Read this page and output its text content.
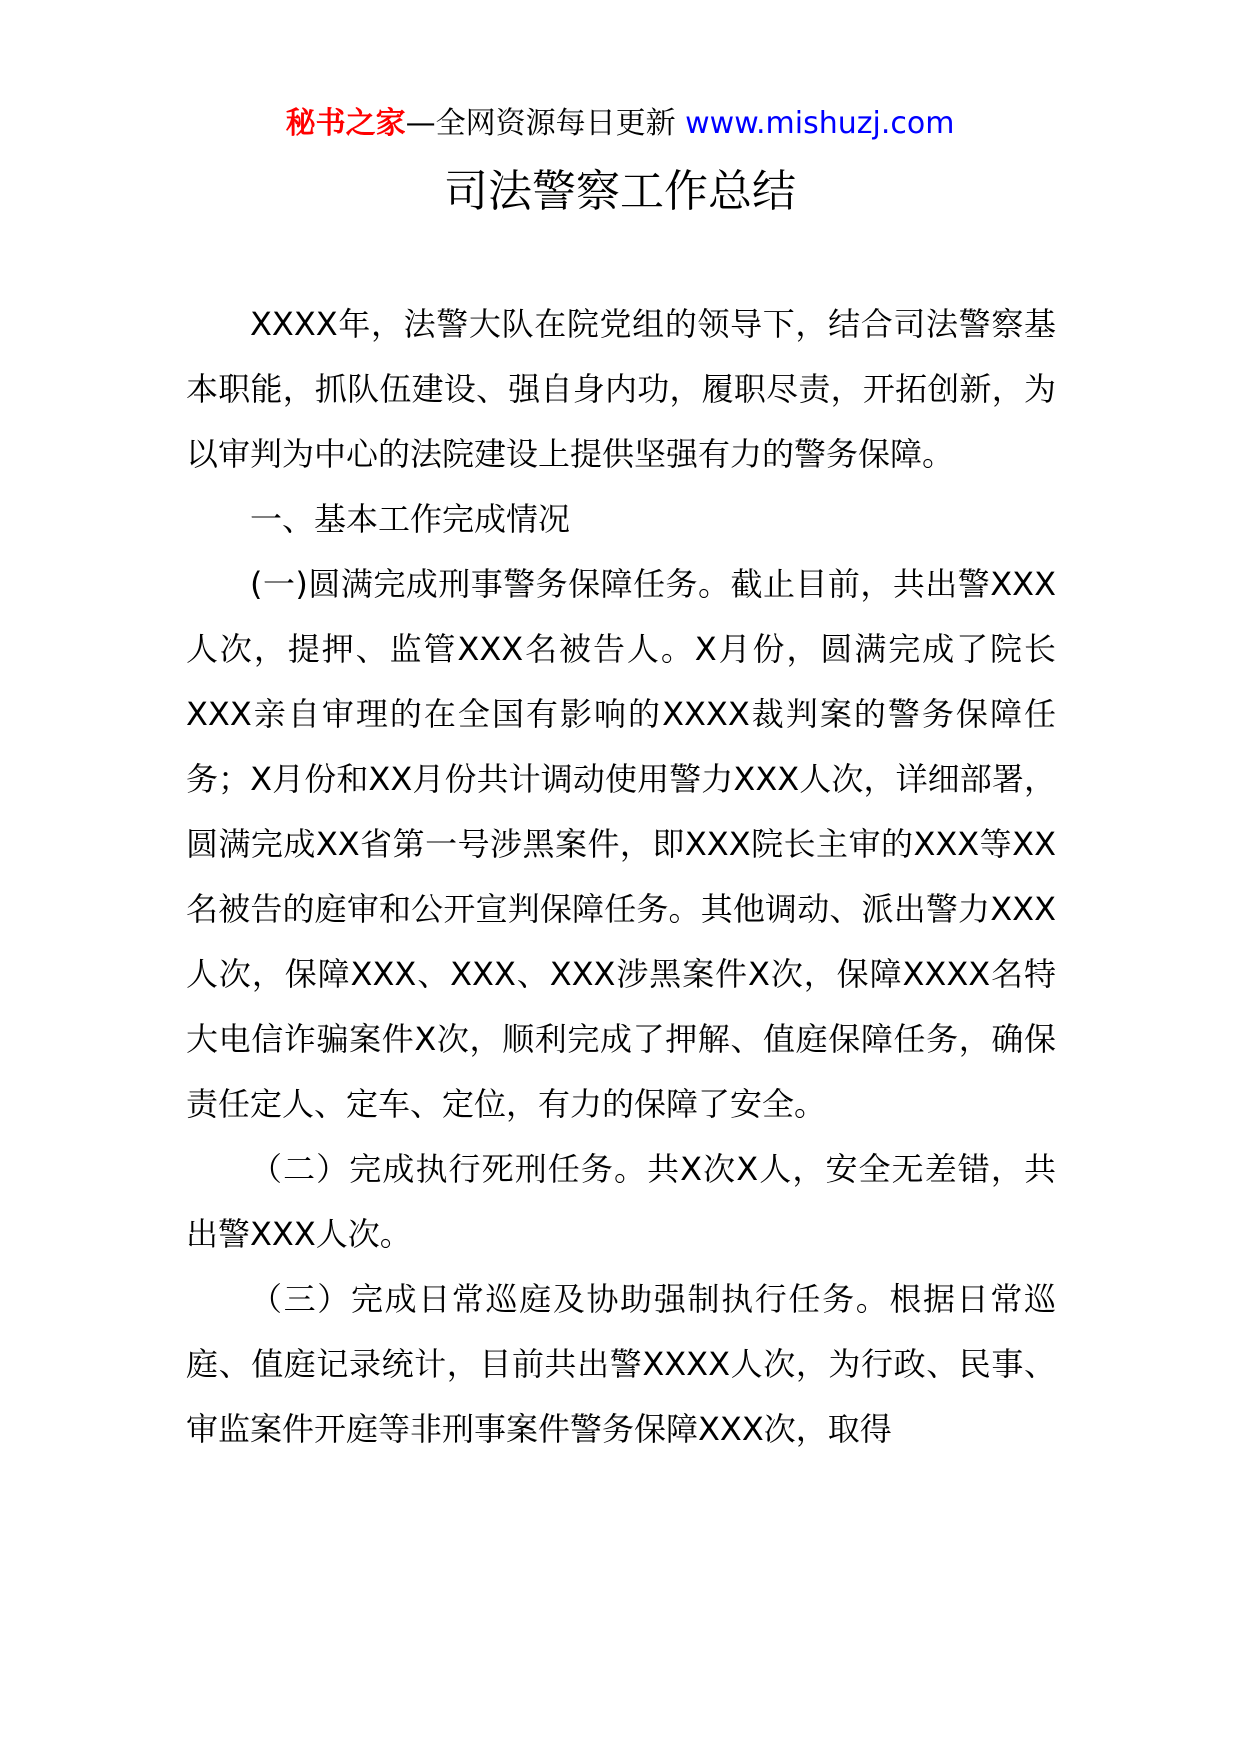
秘书之家—全网资源每日更新 www.mishuzj.com
司法警察工作总结

XXXX年，法警大队在院党组的领导下，结合司法警察基本职能，抓队伍建设、强自身内功，履职尽责，开拓创新，为以审判为中心的法院建设上提供坚强有力的警务保障。

一、基本工作完成情况

(一)圆满完成刑事警务保障任务。截止目前，共出警XXX人次，提押、监管XXX名被告人。X月份，圆满完成了院长XXX亲自审理的在全国有影响的XXXX裁判案的警务保障任务；X月份和XX月份共计调动使用警力XXX人次，详细部署，圆满完成XX省第一号涉黑案件，即XXX院长主审的XXX等XX名被告的庭审和公开宣判保障任务。其他调动、派出警力XXX人次，保障XXX、XXX、XXX涉黑案件X次，保障XXXX名特大电信诈骗案件X次，顺利完成了押解、值庭保障任务，确保责任定人、定车、定位，有力的保障了安全。

（二）完成执行死刑任务。共X次X人，安全无差错，共出警XXX人次。

（三）完成日常巡庭及协助强制执行任务。根据日常巡庭、值庭记录统计，目前共出警XXXX人次，为行政、民事、审监案件开庭等非刑事案件警务保障XXX次，取得
